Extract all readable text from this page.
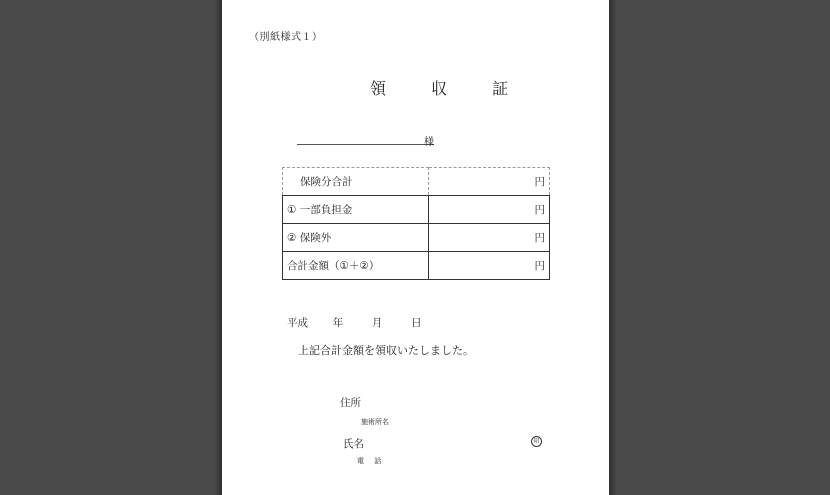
（別紙様式１）
領 収 証
様
保険分合計	円
① 一部負担金	円
② 保険外	円
合計金額（①＋②）	円
平成 年	月	日
上記合計金額を領収いたしました。
住所
施術所名
氏名	印
電 話
